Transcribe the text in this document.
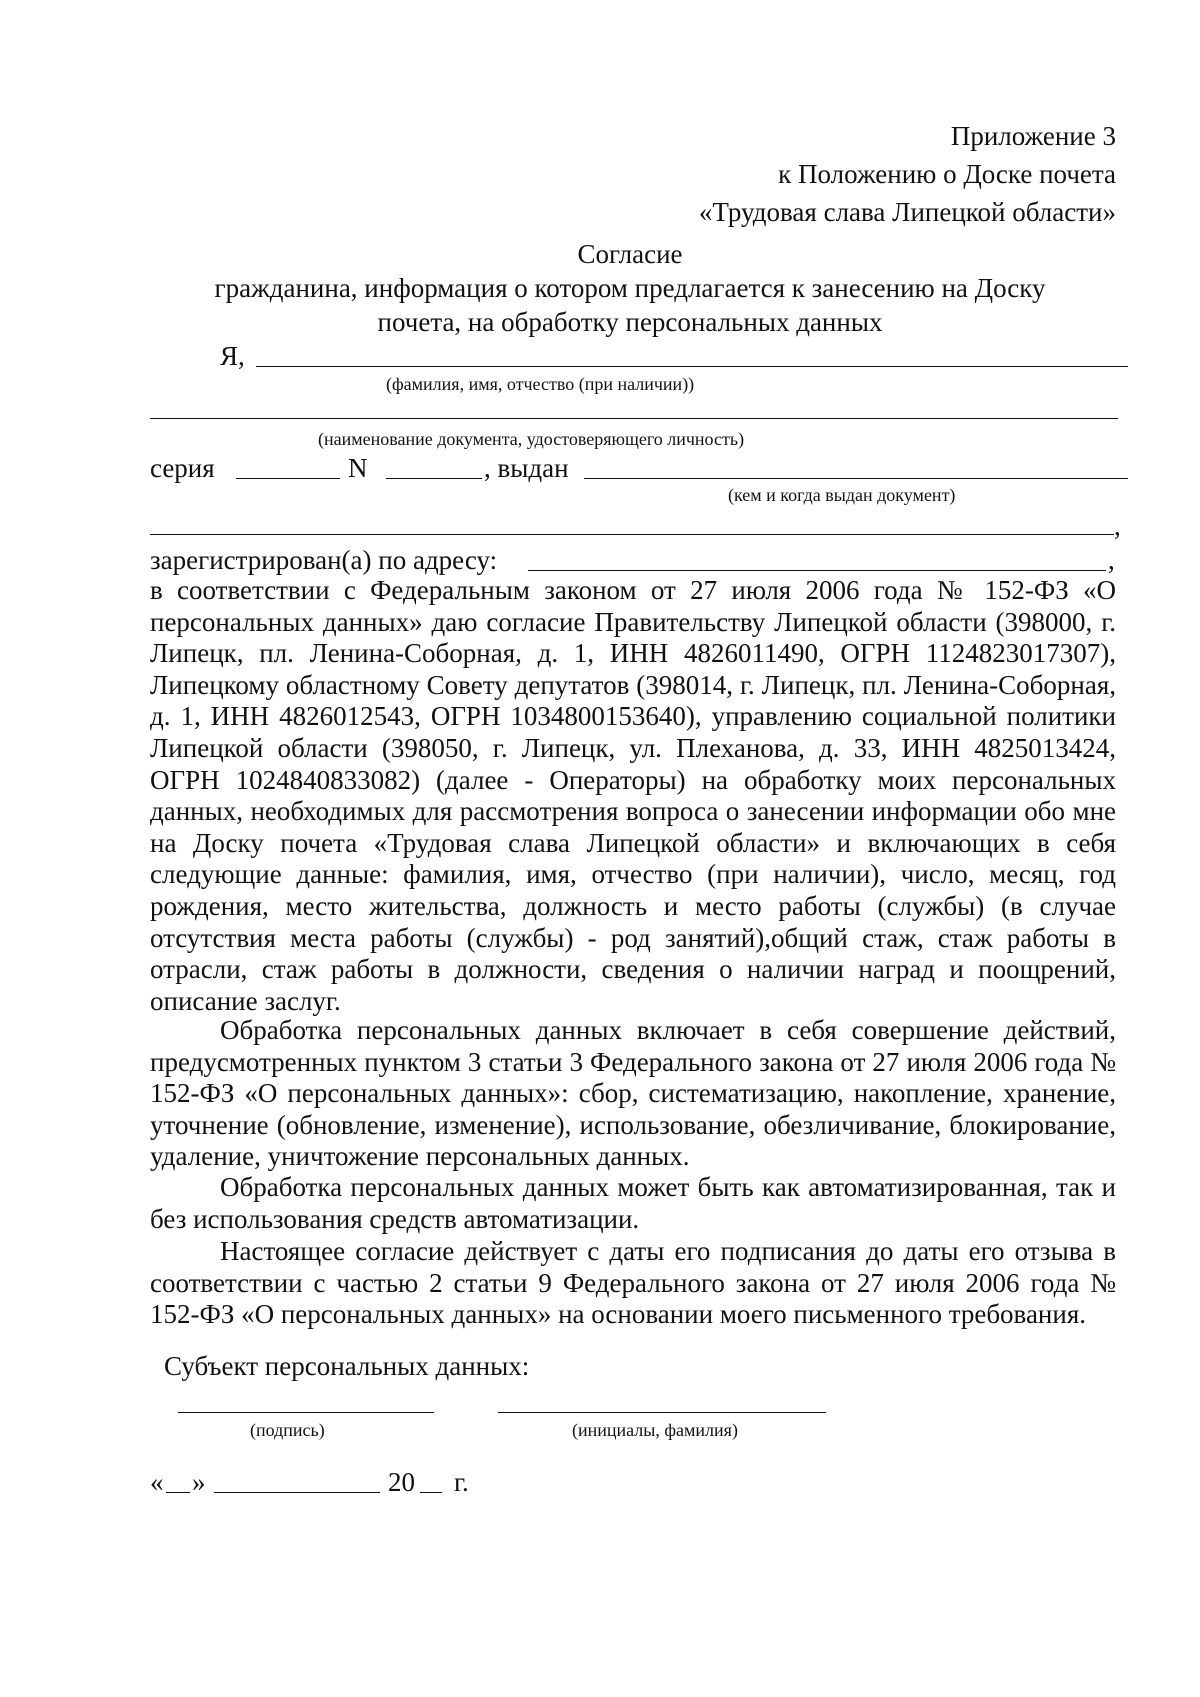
Приложение 3
к Положению о Доске почета
«Трудовая слава Липецкой области»
Согласие
гражданина, информация о котором предлагается к занесению на Доску
почета, на обработку персональных данных
Я,
(фамилия, имя, отчество (при наличии))
(наименование документа, удостоверяющего личность)
серия	N	, выдан
(кем и когда выдан документ)
,
зарегистрирован(а) по адресу:	,
в соответствии с Федеральным законом от 27 июля 2006 года № 152-ФЗ «О персональных данных» даю согласие Правительству Липецкой области (398000, г. Липецк, пл. Ленина-Соборная, д. 1, ИНН 4826011490, ОГРН 1124823017307), Липецкому областному Совету депутатов (398014, г. Липецк, пл. Ленина-Соборная, д. 1, ИНН 4826012543, ОГРН 1034800153640), управлению социальной политики Липецкой области (398050, г. Липецк, ул. Плеханова, д. 33, ИНН 4825013424, ОГРН 1024840833082) (далее - Операторы) на обработку моих персональных данных, необходимых для рассмотрения вопроса о занесении информации обо мне на Доску почета «Трудовая слава Липецкой области» и включающих в себя следующие данные: фамилия, имя, отчество (при наличии), число, месяц, год рождения, место жительства, должность и место работы (службы) (в случае отсутствия места работы (службы) - род занятий),общий стаж, стаж работы в отрасли, стаж работы в должности, сведения о наличии наград и поощрений, описание заслуг.
Обработка персональных данных включает в себя совершение действий, предусмотренных пунктом 3 статьи 3 Федерального закона от 27 июля 2006 года № 152-ФЗ «О персональных данных»: сбор, систематизацию, накопление, хранение, уточнение (обновление, изменение), использование, обезличивание, блокирование, удаление, уничтожение персональных данных.
Обработка персональных данных может быть как автоматизированная, так и без использования средств автоматизации.
Настоящее согласие действует с даты его подписания до даты его отзыва в соответствии с частью 2 статьи 9 Федерального закона от 27 июля 2006 года № 152-ФЗ «О персональных данных» на основании моего письменного требования.
Субъект персональных данных:
(подпись)	(инициалы, фамилия)
« »	20 г.
